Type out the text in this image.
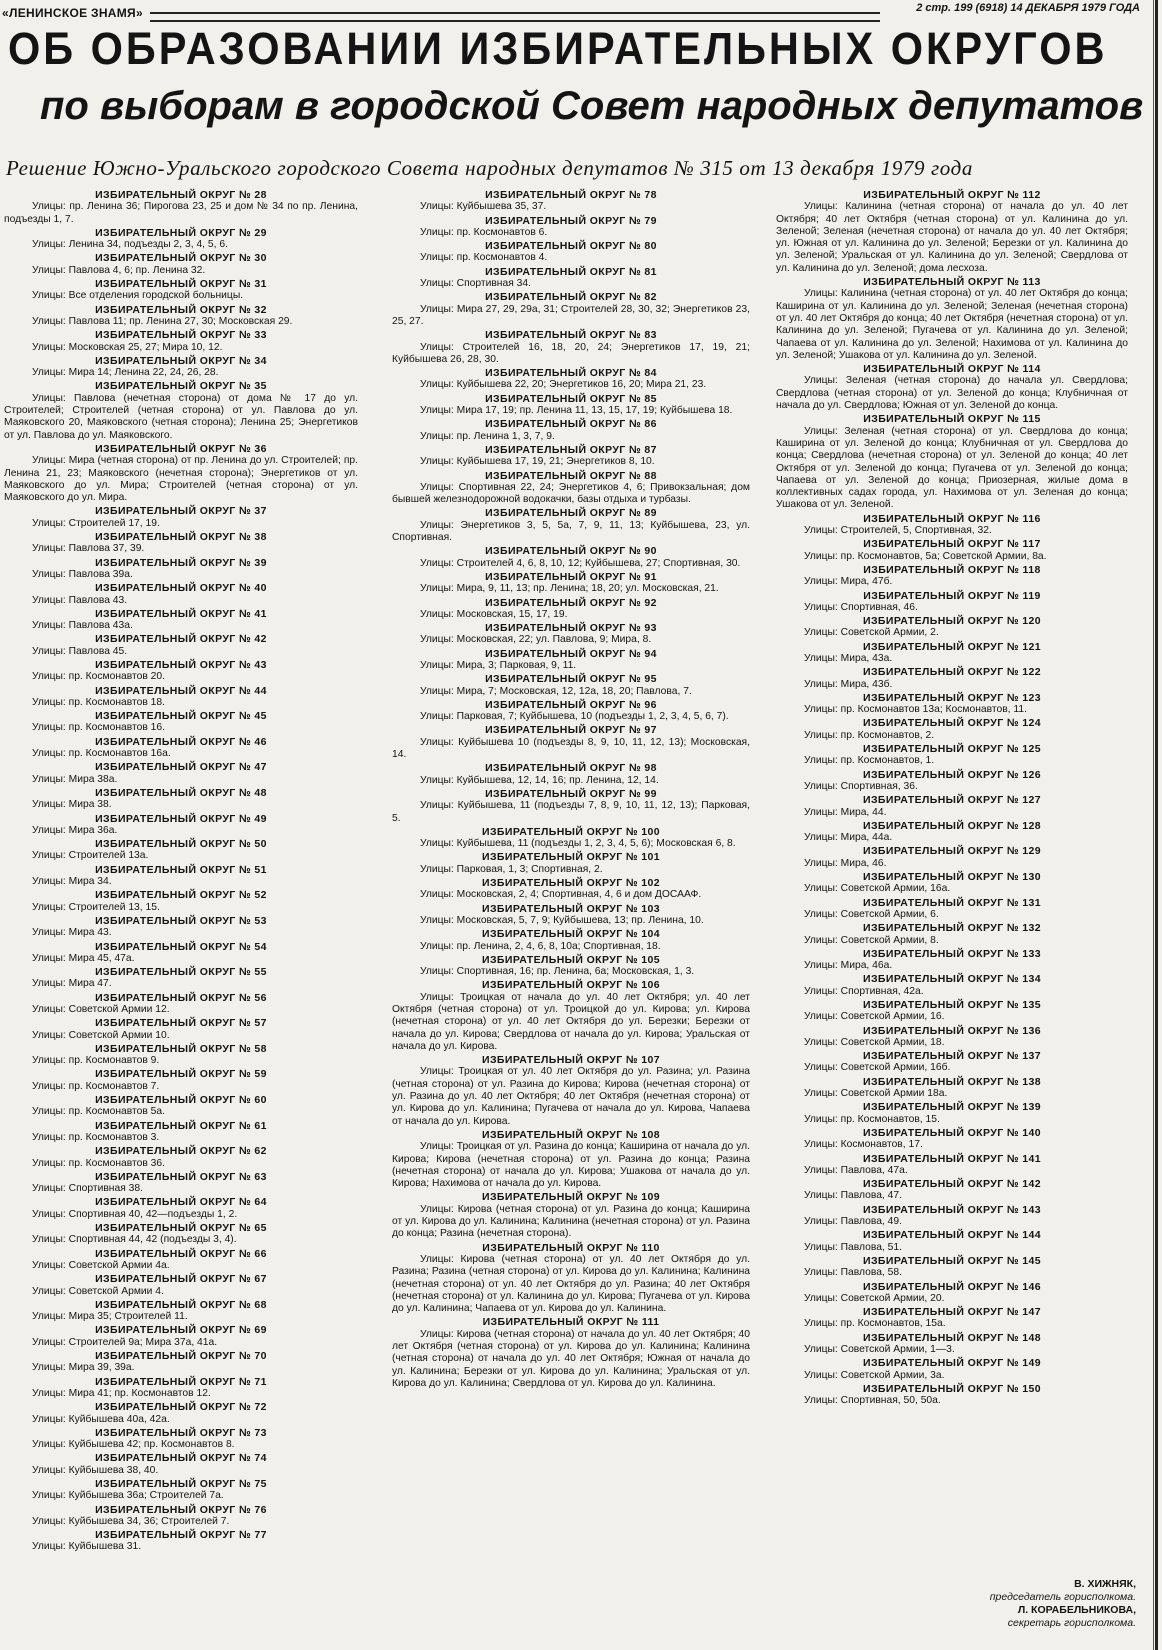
«ЛЕНИНСКОЕ ЗНАМЯ»	2 стр. 199 (6918) 14 ДЕКАБРЯ 1979 ГОДА
ОБ ОБРАЗОВАНИИ ИЗБИРАТЕЛЬНЫХ ОКРУГОВ
по выборам в городской Совет народных депутатов
Решение Южно-Уральского городского Совета народных депутатов № 315 от 13 декабря 1979 года
ИЗБИРАТЕЛЬНЫЙ ОКРУГ № 28
Улицы: пр. Ленина 36; Пирогова 23, 25 и дом № 34 по пр. Ленина, подъезды 1, 7.
ИЗБИРАТЕЛЬНЫЙ ОКРУГ № 29
Улицы: Ленина 34, подъезды 2, 3, 4, 5, 6.
ИЗБИРАТЕЛЬНЫЙ ОКРУГ № 30
Улицы: Павлова 4, 6; пр. Ленина 32.
ИЗБИРАТЕЛЬНЫЙ ОКРУГ № 31
Улицы: Все отделения городской больницы.
ИЗБИРАТЕЛЬНЫЙ ОКРУГ № 32
Улицы: Павлова 11; пр. Ленина 27, 30; Московская 29.
ИЗБИРАТЕЛЬНЫЙ ОКРУГ № 33
Улицы: Московская 25, 27; Мира 10, 12.
ИЗБИРАТЕЛЬНЫЙ ОКРУГ № 34
Улицы: Мира 14; Ленина 22, 24, 26, 28.
ИЗБИРАТЕЛЬНЫЙ ОКРУГ № 35
Улицы: Павлова (нечетная сторона) от дома № 17 до ул. Строителей; Строителей (четная сторона) от ул. Павлова до ул. Маяковского 20, Маяковского (четная сторона); Ленина 25; Энергетиков от ул. Павлова до ул. Маяковского.
ИЗБИРАТЕЛЬНЫЙ ОКРУГ № 36
Улицы: Мира (четная сторона) от пр. Ленина до ул. Строителей; пр. Ленина 21, 23; Маяковского (нечетная сторона); Энергетиков от ул. Маяковского до ул. Мира; Строителей (четная сторона) от ул. Маяковского до ул. Мира.
ИЗБИРАТЕЛЬНЫЙ ОКРУГ № 37
Улицы: Строителей 17, 19.
ИЗБИРАТЕЛЬНЫЙ ОКРУГ № 38
Улицы: Павлова 37, 39.
ИЗБИРАТЕЛЬНЫЙ ОКРУГ № 39
Улицы: Павлова 39а.
ИЗБИРАТЕЛЬНЫЙ ОКРУГ № 40
Улицы: Павлова 43.
ИЗБИРАТЕЛЬНЫЙ ОКРУГ № 41
Улицы: Павлова 43а.
ИЗБИРАТЕЛЬНЫЙ ОКРУГ № 42
Улицы: Павлова 45.
ИЗБИРАТЕЛЬНЫЙ ОКРУГ № 43
Улицы: пр. Космонавтов 20.
ИЗБИРАТЕЛЬНЫЙ ОКРУГ № 44
Улицы: пр. Космонавтов 18.
ИЗБИРАТЕЛЬНЫЙ ОКРУГ № 45
Улицы: пр. Космонавтов 16.
ИЗБИРАТЕЛЬНЫЙ ОКРУГ № 46
Улицы: пр. Космонавтов 16а.
ИЗБИРАТЕЛЬНЫЙ ОКРУГ № 47
Улицы: Мира 38а.
ИЗБИРАТЕЛЬНЫЙ ОКРУГ № 48
Улицы: Мира 38.
ИЗБИРАТЕЛЬНЫЙ ОКРУГ № 49
Улицы: Мира 36а.
ИЗБИРАТЕЛЬНЫЙ ОКРУГ № 50
Улицы: Строителей 13а.
ИЗБИРАТЕЛЬНЫЙ ОКРУГ № 51
Улицы: Мира 34.
ИЗБИРАТЕЛЬНЫЙ ОКРУГ № 52
Улицы: Строителей 13, 15.
ИЗБИРАТЕЛЬНЫЙ ОКРУГ № 53
Улицы: Мира 43.
ИЗБИРАТЕЛЬНЫЙ ОКРУГ № 54
Улицы: Мира 45, 47а.
ИЗБИРАТЕЛЬНЫЙ ОКРУГ № 55
Улицы: Мира 47.
ИЗБИРАТЕЛЬНЫЙ ОКРУГ № 56
Улицы: Советской Армии 12.
ИЗБИРАТЕЛЬНЫЙ ОКРУГ № 57
Улицы: Советской Армии 10.
ИЗБИРАТЕЛЬНЫЙ ОКРУГ № 58
Улицы: пр. Космонавтов 9.
ИЗБИРАТЕЛЬНЫЙ ОКРУГ № 59
Улицы: пр. Космонавтов 7.
ИЗБИРАТЕЛЬНЫЙ ОКРУГ № 60
Улицы: пр. Космонавтов 5а.
ИЗБИРАТЕЛЬНЫЙ ОКРУГ № 61
Улицы: пр. Космонавтов 3.
ИЗБИРАТЕЛЬНЫЙ ОКРУГ № 62
Улицы: пр. Космонавтов 36.
ИЗБИРАТЕЛЬНЫЙ ОКРУГ № 63
Улицы: Спортивная 38.
ИЗБИРАТЕЛЬНЫЙ ОКРУГ № 64
Улицы: Спортивная 40, 42—подъезды 1, 2.
ИЗБИРАТЕЛЬНЫЙ ОКРУГ № 65
Улицы: Спортивная 44, 42 (подъезды 3, 4).
ИЗБИРАТЕЛЬНЫЙ ОКРУГ № 66
Улицы: Советской Армии 4а.
ИЗБИРАТЕЛЬНЫЙ ОКРУГ № 67
Улицы: Советской Армии 4.
ИЗБИРАТЕЛЬНЫЙ ОКРУГ № 68
Улицы: Мира 35; Строителей 11.
ИЗБИРАТЕЛЬНЫЙ ОКРУГ № 69
Улицы: Строителей 9а; Мира 37а, 41а.
ИЗБИРАТЕЛЬНЫЙ ОКРУГ № 70
Улицы: Мира 39, 39а.
ИЗБИРАТЕЛЬНЫЙ ОКРУГ № 71
Улицы: Мира 41; пр. Космонавтов 12.
ИЗБИРАТЕЛЬНЫЙ ОКРУГ № 72
Улицы: Куйбышева 40а, 42а.
ИЗБИРАТЕЛЬНЫЙ ОКРУГ № 73
Улицы: Куйбышева 42; пр. Космонавтов 8.
ИЗБИРАТЕЛЬНЫЙ ОКРУГ № 74
Улицы: Куйбышева 38, 40.
ИЗБИРАТЕЛЬНЫЙ ОКРУГ № 75
Улицы: Куйбышева 36а; Строителей 7а.
ИЗБИРАТЕЛЬНЫЙ ОКРУГ № 76
Улицы: Куйбышева 34, 36; Строителей 7.
ИЗБИРАТЕЛЬНЫЙ ОКРУГ № 77
Улицы: Куйбышева 31.
ИЗБИРАТЕЛЬНЫЙ ОКРУГ № 78
Улицы: Куйбышева 35, 37.
ИЗБИРАТЕЛЬНЫЙ ОКРУГ № 79
Улицы: пр. Космонавтов 6.
ИЗБИРАТЕЛЬНЫЙ ОКРУГ № 80
Улицы: пр. Космонавтов 4.
ИЗБИРАТЕЛЬНЫЙ ОКРУГ № 81
Улицы: Спортивная 34.
ИЗБИРАТЕЛЬНЫЙ ОКРУГ № 82
Улицы: Мира 27, 29, 29а, 31; Строителей 28, 30, 32; Энергетиков 23, 25, 27.
ИЗБИРАТЕЛЬНЫЙ ОКРУГ № 83
Улицы: Строителей 16, 18, 20, 24; Энергетиков 17, 19, 21; Куйбышева 26, 28, 30.
ИЗБИРАТЕЛЬНЫЙ ОКРУГ № 84
Улицы: Куйбышева 22, 20; Энергетиков 16, 20; Мира 21, 23.
ИЗБИРАТЕЛЬНЫЙ ОКРУГ № 85
Улицы: Мира 17, 19; пр. Ленина 11, 13, 15, 17, 19; Куйбышева 18.
ИЗБИРАТЕЛЬНЫЙ ОКРУГ № 86
Улицы: пр. Ленина 1, 3, 7, 9.
ИЗБИРАТЕЛЬНЫЙ ОКРУГ № 87
Улицы: Куйбышева 17, 19, 21; Энергетиков 8, 10.
ИЗБИРАТЕЛЬНЫЙ ОКРУГ № 88
Улицы: Спортивная 22, 24; Энергетиков 4, 6; Привокзальная; дом бывшей железнодорожной водокачки, базы отдыха и турбазы.
ИЗБИРАТЕЛЬНЫЙ ОКРУГ № 89
Улицы: Энергетиков 3, 5, 5а, 7, 9, 11, 13; Куйбышева, 23, ул. Спортивная.
ИЗБИРАТЕЛЬНЫЙ ОКРУГ № 90
Улицы: Строителей 4, 6, 8, 10, 12; Куйбышева, 27; Спортивная, 30.
ИЗБИРАТЕЛЬНЫЙ ОКРУГ № 91
Улицы: Мира, 9, 11, 13; пр. Ленина; 18, 20; ул. Московская, 21.
ИЗБИРАТЕЛЬНЫЙ ОКРУГ № 92
Улицы: Московская, 15, 17, 19.
ИЗБИРАТЕЛЬНЫЙ ОКРУГ № 93
Улицы: Московская, 22; ул. Павлова, 9; Мира, 8.
ИЗБИРАТЕЛЬНЫЙ ОКРУГ № 94
Улицы: Мира, 3; Парковая, 9, 11.
ИЗБИРАТЕЛЬНЫЙ ОКРУГ № 95
Улицы: Мира, 7; Московская, 12, 12а, 18, 20; Павлова, 7.
ИЗБИРАТЕЛЬНЫЙ ОКРУГ № 96
Улицы: Парковая, 7; Куйбышева, 10 (подъезды 1, 2, 3, 4, 5, 6, 7).
ИЗБИРАТЕЛЬНЫЙ ОКРУГ № 97
Улицы: Куйбышева 10 (подъезды 8, 9, 10, 11, 12, 13); Московская, 14.
ИЗБИРАТЕЛЬНЫЙ ОКРУГ № 98
Улицы: Куйбышева, 12, 14, 16; пр. Ленина, 12, 14.
ИЗБИРАТЕЛЬНЫЙ ОКРУГ № 99
Улицы: Куйбышева, 11 (подъезды 7, 8, 9, 10, 11, 12, 13); Парковая, 5.
ИЗБИРАТЕЛЬНЫЙ ОКРУГ № 100
Улицы: Куйбышева, 11 (подъезды 1, 2, 3, 4, 5, 6); Московская 6, 8.
ИЗБИРАТЕЛЬНЫЙ ОКРУГ № 101
Улицы: Парковая, 1, 3; Спортивная, 2.
ИЗБИРАТЕЛЬНЫЙ ОКРУГ № 102
Улицы: Московская, 2, 4; Спортивная, 4, 6 и дом ДОСААФ.
ИЗБИРАТЕЛЬНЫЙ ОКРУГ № 103
Улицы: Московская, 5, 7, 9; Куйбышева, 13; пр. Ленина, 10.
ИЗБИРАТЕЛЬНЫЙ ОКРУГ № 104
Улицы: пр. Ленина, 2, 4, 6, 8, 10а; Спортивная, 18.
ИЗБИРАТЕЛЬНЫЙ ОКРУГ № 105
Улицы: Спортивная, 16; пр. Ленина, 6а; Московская, 1, 3.
ИЗБИРАТЕЛЬНЫЙ ОКРУГ № 106
Улицы: Троицкая от начала до ул. 40 лет Октября; ул. 40 лет Октября (четная сторона) от ул. Троицкой до ул. Кирова; ул. Кирова (нечетная сторона) от ул. 40 лет Октября до ул. Березки; Березки от начала до ул. Кирова; Свердлова от начала до ул. Кирова; Уральская от начала до ул. Кирова.
ИЗБИРАТЕЛЬНЫЙ ОКРУГ № 107
Улицы: Троицкая от ул. 40 лет Октября до ул. Разина; ул. Разина (четная сторона) от ул. Разина до Кирова; Кирова (нечетная сторона) от ул. Разина до ул. 40 лет Октября; 40 лет Октября (нечетная сторона) от ул. Кирова до ул. Калинина; Пугачева от начала до ул. Кирова, Чапаева от начала до ул. Кирова.
ИЗБИРАТЕЛЬНЫЙ ОКРУГ № 108
Улицы: Троицкая от ул. Разина до конца; Каширина от начала до ул. Кирова; Кирова (нечетная сторона) от ул. Разина до конца; Разина (нечетная сторона) от начала до ул. Кирова; Ушакова от начала до ул. Кирова; Нахимова от начала до ул. Кирова.
ИЗБИРАТЕЛЬНЫЙ ОКРУГ № 109
Улицы: Кирова (четная сторона) от ул. Разина до конца; Каширина от ул. Кирова до ул. Калинина; Калинина (нечетная сторона) от ул. Разина до конца; Разина (нечетная сторона).
ИЗБИРАТЕЛЬНЫЙ ОКРУГ № 110
Улицы: Кирова (четная сторона) от ул. 40 лет Октября до ул. Разина; Разина (четная сторона) от ул. Кирова до ул. Калинина; Калинина (нечетная сторона) от ул. 40 лет Октября до ул. Разина; 40 лет Октября (нечетная сторона) от ул. Калинина до ул. Кирова; Пугачева от ул. Кирова до ул. Калинина; Чапаева от ул. Кирова до ул. Калинина.
ИЗБИРАТЕЛЬНЫЙ ОКРУГ № 111
Улицы: Кирова (четная сторона) от начала до ул. 40 лет Октября; 40 лет Октября (четная сторона) от ул. Кирова до ул. Калинина; Калинина (четная сторона) от начала до ул. 40 лет Октября; Южная от начала до ул. Калинина; Березки от ул. Кирова до ул. Калинина; Уральская от ул. Кирова до ул. Калинина; Свердлова от ул. Кирова до ул. Калинина.
ИЗБИРАТЕЛЬНЫЙ ОКРУГ № 112
Улицы: Калинина (четная сторона) от начала до ул. 40 лет Октября; 40 лет Октября (четная сторона) от ул. Калинина до ул. Зеленой; Зеленая (нечетная сторона) от начала до ул. 40 лет Октября; ул. Южная от ул. Калинина до ул. Зеленой; Березки от ул. Калинина до ул. Зеленой; Уральская от ул. Калинина до ул. Зеленой; Свердлова от ул. Калинина до ул. Зеленой; дома лесхоза.
ИЗБИРАТЕЛЬНЫЙ ОКРУГ № 113
Улицы: Калинина (четная сторона) от ул. 40 лет Октября до конца; Каширина от ул. Калинина до ул. Зеленой; Зеленая (нечетная сторона) от ул. 40 лет Октября до конца; 40 лет Октября (нечетная сторона) от ул. Калинина до ул. Зеленой; Пугачева от ул. Калинина до ул. Зеленой; Чапаева от ул. Калинина до ул. Зеленой; Нахимова от ул. Калинина до ул. Зеленой; Ушакова от ул. Калинина до ул. Зеленой.
ИЗБИРАТЕЛЬНЫЙ ОКРУГ № 114
Улицы: Зеленая (четная сторона) до начала ул. Свердлова; Свердлова (четная сторона) от ул. Зеленой до конца; Клубничная от начала до ул. Свердлова; Южная от ул. Зеленой до конца.
ИЗБИРАТЕЛЬНЫЙ ОКРУГ № 115
Улицы: Зеленая (четная сторона) от ул. Свердлова до конца; Каширина от ул. Зеленой до конца; Клубничная от ул. Свердлова до конца; Свердлова (нечетная сторона) от ул. Зеленой до конца; 40 лет Октября от ул. Зеленой до конца; Пугачева от ул. Зеленой до конца; Чапаева от ул. Зеленой до конца; Приозерная, жилые дома в коллективных садах города, ул. Нахимова от ул. Зеленая до конца; Ушакова от ул. Зеленой.
ИЗБИРАТЕЛЬНЫЙ ОКРУГ № 116
Улицы: Строителей, 5, Спортивная, 32.
ИЗБИРАТЕЛЬНЫЙ ОКРУГ № 117
Улицы: пр. Космонавтов, 5а; Советской Армии, 8а.
ИЗБИРАТЕЛЬНЫЙ ОКРУГ № 118
Улицы: Мира, 47б.
ИЗБИРАТЕЛЬНЫЙ ОКРУГ № 119
Улицы: Спортивная, 46.
ИЗБИРАТЕЛЬНЫЙ ОКРУГ № 120
Улицы: Советской Армии, 2.
ИЗБИРАТЕЛЬНЫЙ ОКРУГ № 121
Улицы: Мира, 43а.
ИЗБИРАТЕЛЬНЫЙ ОКРУГ № 122
Улицы: Мира, 43б.
ИЗБИРАТЕЛЬНЫЙ ОКРУГ № 123
Улицы: пр. Космонавтов 13а; Космонавтов, 11.
ИЗБИРАТЕЛЬНЫЙ ОКРУГ № 124
Улицы: пр. Космонавтов, 2.
ИЗБИРАТЕЛЬНЫЙ ОКРУГ № 125
Улицы: пр. Космонавтов, 1.
ИЗБИРАТЕЛЬНЫЙ ОКРУГ № 126
Улицы: Спортивная, 36.
ИЗБИРАТЕЛЬНЫЙ ОКРУГ № 127
Улицы: Мира, 44.
ИЗБИРАТЕЛЬНЫЙ ОКРУГ № 128
Улицы: Мира, 44а.
ИЗБИРАТЕЛЬНЫЙ ОКРУГ № 129
Улицы: Мира, 46.
ИЗБИРАТЕЛЬНЫЙ ОКРУГ № 130
Улицы: Советской Армии, 16а.
ИЗБИРАТЕЛЬНЫЙ ОКРУГ № 131
Улицы: Советской Армии, 6.
ИЗБИРАТЕЛЬНЫЙ ОКРУГ № 132
Улицы: Советской Армии, 8.
ИЗБИРАТЕЛЬНЫЙ ОКРУГ № 133
Улицы: Мира, 46а.
ИЗБИРАТЕЛЬНЫЙ ОКРУГ № 134
Улицы: Спортивная, 42а.
ИЗБИРАТЕЛЬНЫЙ ОКРУГ № 135
Улицы: Советской Армии, 16.
ИЗБИРАТЕЛЬНЫЙ ОКРУГ № 136
Улицы: Советской Армии, 18.
ИЗБИРАТЕЛЬНЫЙ ОКРУГ № 137
Улицы: Советской Армии, 16б.
ИЗБИРАТЕЛЬНЫЙ ОКРУГ № 138
Улицы: Советской Армии 18а.
ИЗБИРАТЕЛЬНЫЙ ОКРУГ № 139
Улицы: пр. Космонавтов, 15.
ИЗБИРАТЕЛЬНЫЙ ОКРУГ № 140
Улицы: Космонавтов, 17.
ИЗБИРАТЕЛЬНЫЙ ОКРУГ № 141
Улицы: Павлова, 47а.
ИЗБИРАТЕЛЬНЫЙ ОКРУГ № 142
Улицы: Павлова, 47.
ИЗБИРАТЕЛЬНЫЙ ОКРУГ № 143
Улицы: Павлова, 49.
ИЗБИРАТЕЛЬНЫЙ ОКРУГ № 144
Улицы: Павлова, 51.
ИЗБИРАТЕЛЬНЫЙ ОКРУГ № 145
Улицы: Павлова, 58.
ИЗБИРАТЕЛЬНЫЙ ОКРУГ № 146
Улицы: Советской Армии, 20.
ИЗБИРАТЕЛЬНЫЙ ОКРУГ № 147
Улицы: пр. Космонавтов, 15а.
ИЗБИРАТЕЛЬНЫЙ ОКРУГ № 148
Улицы: Советской Армии, 1—3.
ИЗБИРАТЕЛЬНЫЙ ОКРУГ № 149
Улицы: Советской Армии, 3а.
ИЗБИРАТЕЛЬНЫЙ ОКРУГ № 150
Улицы: Спортивная, 50, 50а.
В. ХИЖНЯК,
председатель горисполкома.
Л. КОРАБЕЛЬНИКОВА,
секретарь горисполкома.
